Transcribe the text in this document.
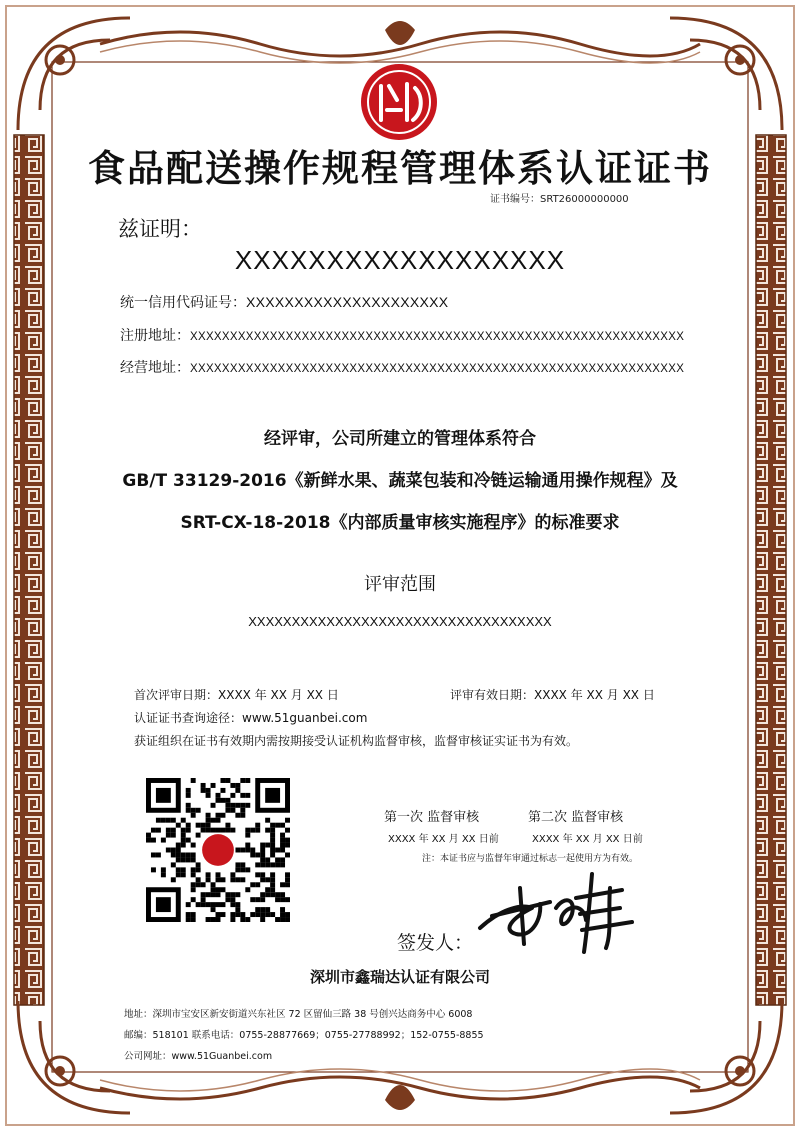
食品配送操作规程管理体系认证证书
证书编号：SRT26000000000
兹证明：
XXXXXXXXXXXXXXXXXX
统一信用代码证号：XXXXXXXXXXXXXXXXXXXXX
注册地址：XXXXXXXXXXXXXXXXXXXXXXXXXXXXXXXXXXXXXXXXXXXXXXXXXXXXXXXXXXXXXX
经营地址：XXXXXXXXXXXXXXXXXXXXXXXXXXXXXXXXXXXXXXXXXXXXXXXXXXXXXXXXXXXXXX
经评审，公司所建立的管理体系符合
GB/T 33129-2016《新鲜水果、蔬菜包装和冷链运输通用操作规程》及
SRT-CX-18-2018《内部质量审核实施程序》的标准要求
评审范围
XXXXXXXXXXXXXXXXXXXXXXXXXXXXXXXXXXX
首次评审日期：XXXX 年 XX 月 XX 日	评审有效日期：XXXX 年 XX 月 XX 日
认证证书查询途径：www.51guanbei.com
获证组织在证书有效期内需按期接受认证机构监督审核，监督审核证实证书为有效。
第一次 监督审核	第二次 监督审核
XXXX 年 XX 月 XX 日前	XXXX 年 XX 月 XX 日前
注：本证书应与监督年审通过标志一起使用方为有效。
签发人：
深圳市鑫瑞达认证有限公司
地址：深圳市宝安区新安街道兴东社区 72 区留仙三路 38 号创兴达商务中心 6008
邮编：518101 联系电话：0755-28877669；0755-27788992；152-0755-8855
公司网址：www.51Guanbei.com
